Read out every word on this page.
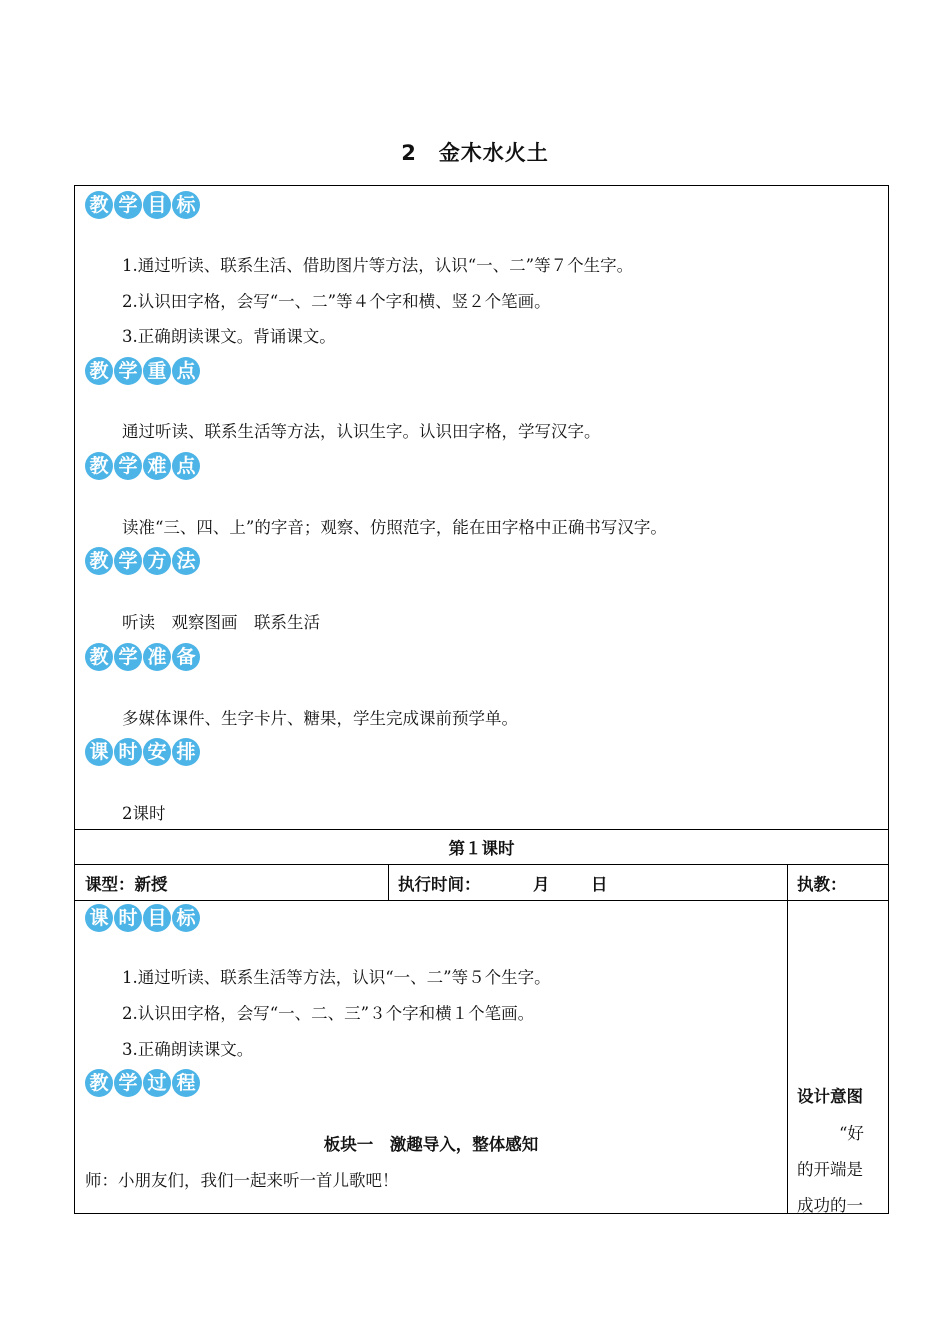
2　金木水火土
教 学 目 标
1.通过听读、联系生活、借助图片等方法，认识“一、二”等７个生字。
2.认识田字格，会写“一、二”等４个字和横、竖２个笔画。
3.正确朗读课文。背诵课文。
教 学 重 点
通过听读、联系生活等方法，认识生字。认识田字格，学写汉字。
教 学 难 点
读准“三、四、上”的字音；观察、仿照范字，能在田字格中正确书写汉字。
教 学 方 法
听读　观察图画　联系生活
教 学 准 备
多媒体课件、生字卡片、糖果，学生完成课前预学单。
课 时 安 排
2课时
第１课时
课型：新授	执行时间：	月	日	执教：
课 时 目 标
1.通过听读、联系生活等方法，认识“一、二”等５个生字。
2.认识田字格，会写“一、二、三”３个字和横１个笔画。
3.正确朗读课文。
教 学 过 程
板块一　激趣导入，整体感知
师：小朋友们，我们一起来听一首儿歌吧！
设计意图
“好
的开端是
成功的一
